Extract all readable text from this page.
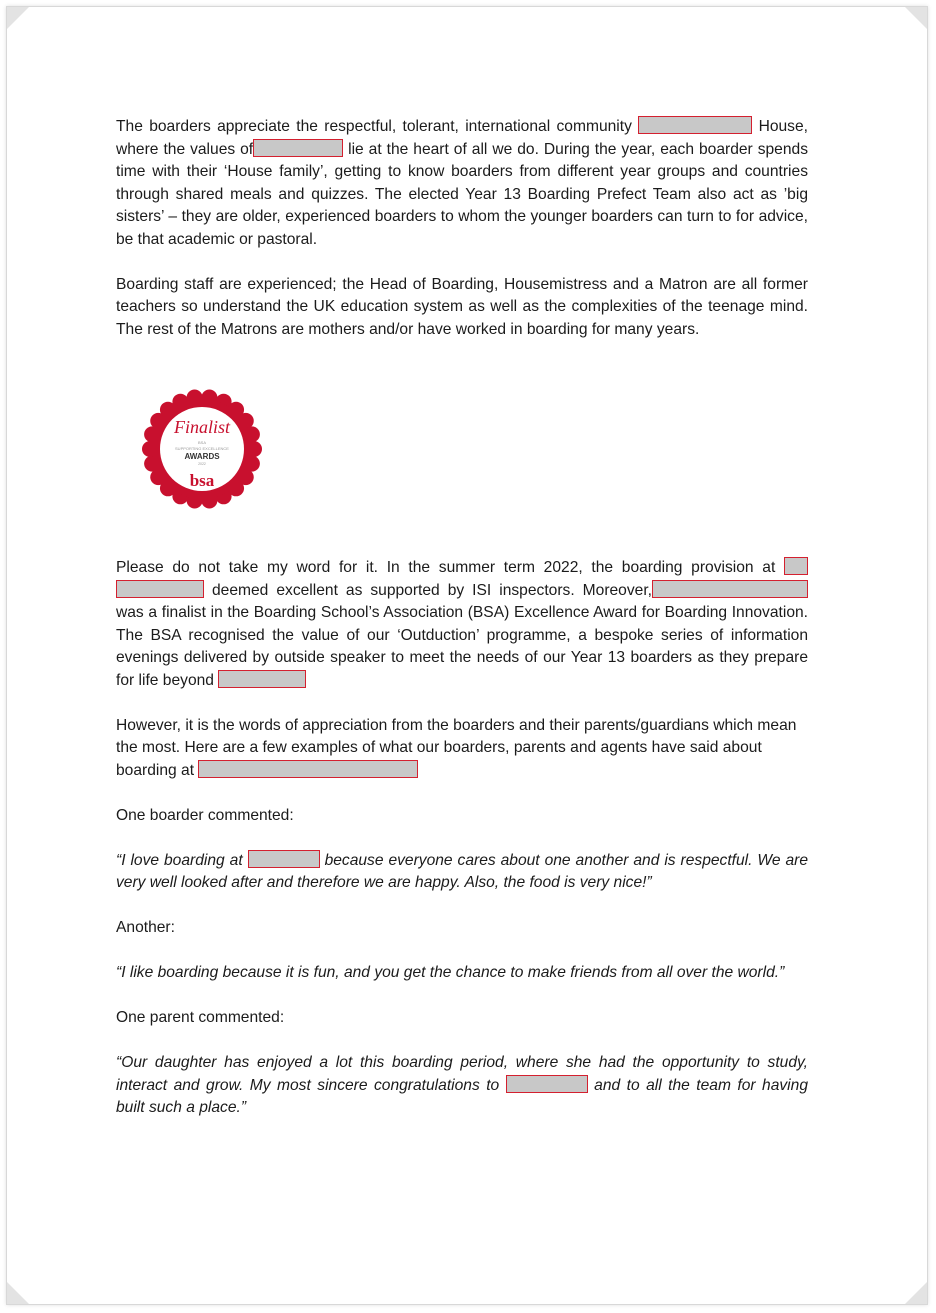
The boarders appreciate the respectful, tolerant, international community	House, where the values of	lie at the heart of all we do. During the year, each boarder spends time with their ‘House family’, getting to know boarders from different year groups and countries through shared meals and quizzes. The elected Year 13 Boarding Prefect Team also act as ’big sisters’ – they are older, experienced boarders to whom the younger boarders can turn to for advice, be that academic or pastoral.

Boarding staff are experienced; the Head of Boarding, Housemistress and a Matron are all former teachers so understand the UK education system as well as the complexities of the teenage mind. The rest of the Matrons are mothers and/or have worked in boarding for many years.

Finalist
BSA
SUPPORTING EXCELLENCE
AWARDS
2022
bsa

Please do not take my word for it. In the summer term 2022, the boarding provision at   deemed excellent as supported by ISI inspectors. Moreover, was a finalist in the Boarding School’s Association (BSA) Excellence Award for Boarding Innovation. The BSA recognised the value of our ‘Outduction’ programme, a bespoke series of information evenings delivered by outside speaker to meet the needs of our Year 13 boarders as they prepare for life beyond

However, it is the words of appreciation from the boarders and their parents/guardians which mean the most. Here are a few examples of what our boarders, parents and agents have said about boarding at

One boarder commented:

“I love boarding at	because everyone cares about one another and is respectful. We are very well looked after and therefore we are happy. Also, the food is very nice!”

Another:

“I like boarding because it is fun, and you get the chance to make friends from all over the world.”

One parent commented:

“Our daughter has enjoyed a lot this boarding period, where she had the opportunity to study, interact and grow. My most sincere congratulations to	and to all the team for having built such a place.”
